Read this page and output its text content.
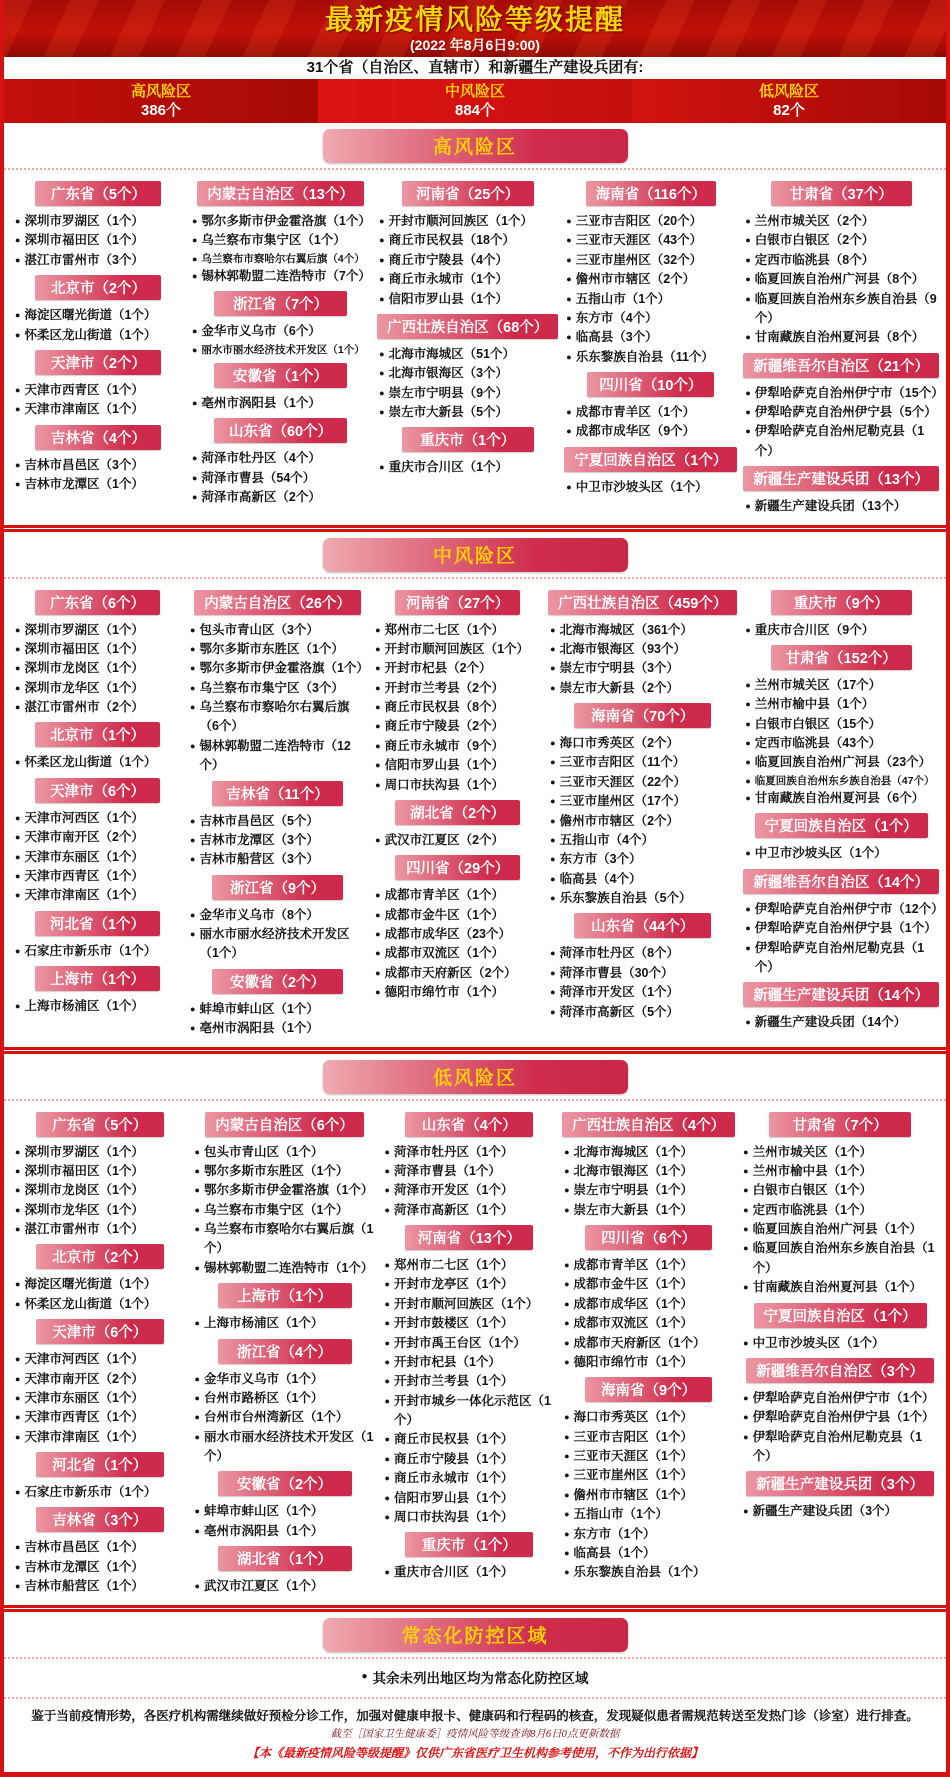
最新疫情风险等级提醒
(2022 年8月6日9:00)
31个省（自治区、直辖市）和新疆生产建设兵团有:
高风险区
386个
中风险区
884个
低风险区
82个
高风险区
广东省（5个）
● 深圳市罗湖区（1个）
● 深圳市福田区（1个）
● 湛江市雷州市（3个）
北京市（2个）
● 海淀区曙光街道（1个）
● 怀柔区龙山街道（1个）
天津市（2个）
● 天津市西青区（1个）
● 天津市津南区（1个）
吉林省（4个）
● 吉林市昌邑区（3个）
● 吉林市龙潭区（1个）
内蒙古自治区（13个）
● 鄂尔多斯市伊金霍洛旗（1个）
● 乌兰察布市集宁区（1个）
● 乌兰察布市察哈尔右翼后旗（4个）
● 锡林郭勒盟二连浩特市（7个）
浙江省（7个）
● 金华市义乌市（6个）
● 丽水市丽水经济技术开发区（1个）
安徽省（1个）
● 亳州市涡阳县（1个）
山东省（60个）
● 菏泽市牡丹区（4个）
● 菏泽市曹县（54个）
● 菏泽市高新区（2个）
河南省（25个）
● 开封市顺河回族区（1个）
● 商丘市民权县（18个）
● 商丘市宁陵县（4个）
● 商丘市永城市（1个）
● 信阳市罗山县（1个）
广西壮族自治区（68个）
● 北海市海城区（51个）
● 北海市银海区（3个）
● 崇左市宁明县（9个）
● 崇左市大新县（5个）
重庆市（1个）
● 重庆市合川区（1个）
海南省（116个）
● 三亚市吉阳区（20个）
● 三亚市天涯区（43个）
● 三亚市崖州区（32个）
● 儋州市市辖区（2个）
● 五指山市（1个）
● 东方市（4个）
● 临高县（3个）
● 乐东黎族自治县（11个）
四川省（10个）
● 成都市青羊区（1个）
● 成都市成华区（9个）
宁夏回族自治区（1个）
● 中卫市沙坡头区（1个）
甘肃省（37个）
● 兰州市城关区（2个）
● 白银市白银区（2个）
● 定西市临洮县（8个）
● 临夏回族自治州广河县（8个）
● 临夏回族自治州东乡族自治县（9个）
● 甘南藏族自治州夏河县（8个）
新疆维吾尔自治区（21个）
● 伊犁哈萨克自治州伊宁市（15个）
● 伊犁哈萨克自治州伊宁县（5个）
● 伊犁哈萨克自治州尼勒克县（1个）
新疆生产建设兵团（13个）
● 新疆生产建设兵团（13个）
中风险区
广东省（6个）
● 深圳市罗湖区（1个）
● 深圳市福田区（1个）
● 深圳市龙岗区（1个）
● 深圳市龙华区（1个）
● 湛江市雷州市（2个）
北京市（1个）
● 怀柔区龙山街道（1个）
天津市（6个）
● 天津市河西区（1个）
● 天津市南开区（2个）
● 天津市东丽区（1个）
● 天津市西青区（1个）
● 天津市津南区（1个）
河北省（1个）
● 石家庄市新乐市（1个）
上海市（1个）
● 上海市杨浦区（1个）
内蒙古自治区（26个）
● 包头市青山区（3个）
● 鄂尔多斯市东胜区（1个）
● 鄂尔多斯市伊金霍洛旗（1个）
● 乌兰察布市集宁区（3个）
● 乌兰察布市察哈尔右翼后旗（6个）
● 锡林郭勒盟二连浩特市（12个）
吉林省（11个）
● 吉林市昌邑区（5个）
● 吉林市龙潭区（3个）
● 吉林市船营区（3个）
浙江省（9个）
● 金华市义乌市（8个）
● 丽水市丽水经济技术开发区（1个）
安徽省（2个）
● 蚌埠市蚌山区（1个）
● 亳州市涡阳县（1个）
河南省（27个）
● 郑州市二七区（1个）
● 开封市顺河回族区（1个）
● 开封市杞县（2个）
● 开封市兰考县（2个）
● 商丘市民权县（8个）
● 商丘市宁陵县（2个）
● 商丘市永城市（9个）
● 信阳市罗山县（1个）
● 周口市扶沟县（1个）
湖北省（2个）
● 武汉市江夏区（2个）
四川省（29个）
● 成都市青羊区（1个）
● 成都市金牛区（1个）
● 成都市成华区（23个）
● 成都市双流区（1个）
● 成都市天府新区（2个）
● 德阳市绵竹市（1个）
广西壮族自治区（459个）
● 北海市海城区（361个）
● 北海市银海区（93个）
● 崇左市宁明县（3个）
● 崇左市大新县（2个）
海南省（70个）
● 海口市秀英区（2个）
● 三亚市吉阳区（11个）
● 三亚市天涯区（22个）
● 三亚市崖州区（17个）
● 儋州市市辖区（2个）
● 五指山市（4个）
● 东方市（3个）
● 临高县（4个）
● 乐东黎族自治县（5个）
山东省（44个）
● 菏泽市牡丹区（8个）
● 菏泽市曹县（30个）
● 菏泽市开发区（1个）
● 菏泽市高新区（5个）
重庆市（9个）
● 重庆市合川区（9个）
甘肃省（152个）
● 兰州市城关区（17个）
● 兰州市榆中县（1个）
● 白银市白银区（15个）
● 定西市临洮县（43个）
● 临夏回族自治州广河县（23个）
● 临夏回族自治州东乡族自治县（47个）
● 甘南藏族自治州夏河县（6个）
宁夏回族自治区（1个）
● 中卫市沙坡头区（1个）
新疆维吾尔自治区（14个）
● 伊犁哈萨克自治州伊宁市（12个）
● 伊犁哈萨克自治州伊宁县（1个）
● 伊犁哈萨克自治州尼勒克县（1个）
新疆生产建设兵团（14个）
● 新疆生产建设兵团（14个）
低风险区
广东省（5个）
● 深圳市罗湖区（1个）
● 深圳市福田区（1个）
● 深圳市龙岗区（1个）
● 深圳市龙华区（1个）
● 湛江市雷州市（1个）
北京市（2个）
● 海淀区曙光街道（1个）
● 怀柔区龙山街道（1个）
天津市（6个）
● 天津市河西区（1个）
● 天津市南开区（2个）
● 天津市东丽区（1个）
● 天津市西青区（1个）
● 天津市津南区（1个）
河北省（1个）
● 石家庄市新乐市（1个）
吉林省（3个）
● 吉林市昌邑区（1个）
● 吉林市龙潭区（1个）
● 吉林市船营区（1个）
内蒙古自治区（6个）
● 包头市青山区（1个）
● 鄂尔多斯市东胜区（1个）
● 鄂尔多斯市伊金霍洛旗（1个）
● 乌兰察布市集宁区（1个）
● 乌兰察布市察哈尔右翼后旗（1个）
● 锡林郭勒盟二连浩特市（1个）
上海市（1个）
● 上海市杨浦区（1个）
浙江省（4个）
● 金华市义乌市（1个）
● 台州市路桥区（1个）
● 台州市台州湾新区（1个）
● 丽水市丽水经济技术开发区（1个）
安徽省（2个）
● 蚌埠市蚌山区（1个）
● 亳州市涡阳县（1个）
湖北省（1个）
● 武汉市江夏区（1个）
山东省（4个）
● 菏泽市牡丹区（1个）
● 菏泽市曹县（1个）
● 菏泽市开发区（1个）
● 菏泽市高新区（1个）
河南省（13个）
● 郑州市二七区（1个）
● 开封市龙亭区（1个）
● 开封市顺河回族区（1个）
● 开封市鼓楼区（1个）
● 开封市禹王台区（1个）
● 开封市杞县（1个）
● 开封市兰考县（1个）
● 开封市城乡一体化示范区（1个）
● 商丘市民权县（1个）
● 商丘市宁陵县（1个）
● 商丘市永城市（1个）
● 信阳市罗山县（1个）
● 周口市扶沟县（1个）
重庆市（1个）
● 重庆市合川区（1个）
广西壮族自治区（4个）
● 北海市海城区（1个）
● 北海市银海区（1个）
● 崇左市宁明县（1个）
● 崇左市大新县（1个）
四川省（6个）
● 成都市青羊区（1个）
● 成都市金牛区（1个）
● 成都市成华区（1个）
● 成都市双流区（1个）
● 成都市天府新区（1个）
● 德阳市绵竹市（1个）
海南省（9个）
● 海口市秀英区（1个）
● 三亚市吉阳区（1个）
● 三亚市天涯区（1个）
● 三亚市崖州区（1个）
● 儋州市市辖区（1个）
● 五指山市（1个）
● 东方市（1个）
● 临高县（1个）
● 乐东黎族自治县（1个）
甘肃省（7个）
● 兰州市城关区（1个）
● 兰州市榆中县（1个）
● 白银市白银区（1个）
● 定西市临洮县（1个）
● 临夏回族自治州广河县（1个）
● 临夏回族自治州东乡族自治县（1个）
● 甘南藏族自治州夏河县（1个）
宁夏回族自治区（1个）
● 中卫市沙坡头区（1个）
新疆维吾尔自治区（3个）
● 伊犁哈萨克自治州伊宁市（1个）
● 伊犁哈萨克自治州伊宁县（1个）
● 伊犁哈萨克自治州尼勒克县（1个）
新疆生产建设兵团（3个）
● 新疆生产建设兵团（3个）
常态化防控区域
● 其余未列出地区均为常态化防控区域
鉴于当前疫情形势，各医疗机构需继续做好预检分诊工作，加强对健康申报卡、健康码和行程码的核查，发现疑似患者需规范转送至发热门诊（诊室）进行排查。
截至［国家卫生健康委］疫情风险等级查询8月6日0点更新数据
【本《最新疫情风险等级提醒》仅供广东省医疗卫生机构参考使用，不作为出行依据】
